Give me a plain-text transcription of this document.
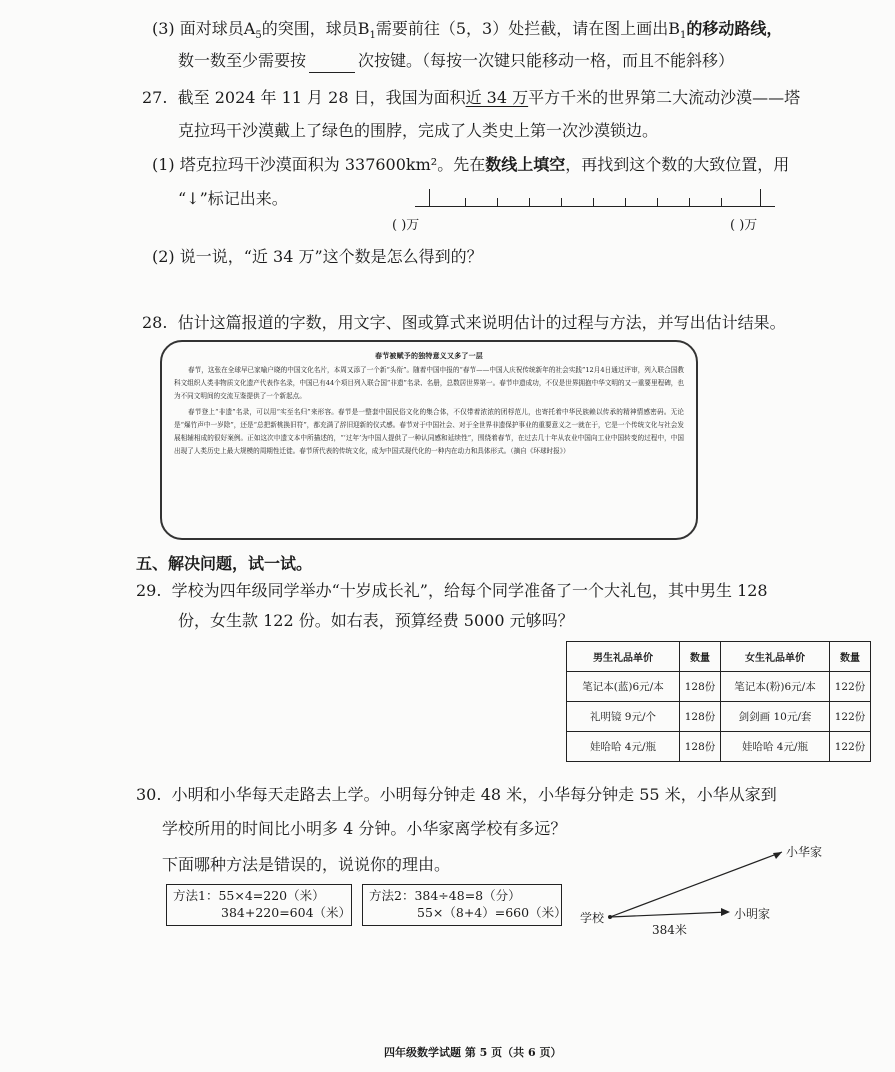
(3) 面对球员$A_5$的突围，球员$B_1$需要前往（5，3）处拦截，请在图上画出$B_1$的移动路线，
数一数至少需要按	次按键。（每按一次键只能移动一格，而且不能斜移）
27. 截至 2024 年 11 月 28 日，我国为面积近 34 万平方千米的世界第二大流动沙漠——塔
克拉玛干沙漠戴上了绿色的围脖，完成了人类史上第一次沙漠锁边。
(1) 塔克拉玛干沙漠面积为 337600km²。先在数线上填空，再找到这个数的大致位置，用
“↓”标记出来。
( )万	( )万
(2) 说一说，“近 34 万”这个数是怎么得到的？
28. 估计这篇报道的字数，用文字、图或算式来说明估计的过程与方法，并写出估计结果。
春节被赋予的独特意义又多了一层

春节，这张在全球早已家喻户晓的中国文化名片，本周又添了一个新“头衔”。随着中国申报的“春节——中国人庆祝传统新年的社会实践”12月4日通过评审，列入联合国教科文组织人类非物质文化遗产代表作名录，中国已有44个项目列入联合国“非遗”名录、名册，总数居世界第一。春节申遗成功，不仅是世界拥抱中华文明的又一重要里程碑，也为不同文明间的交流互鉴提供了一个新起点。

春节登上“非遗”名录，可以用“实至名归”来形容。春节是一整套中国民俗文化的集合体，不仅带着浓浓的团桴范儿，也寄托着中华民族赖以传承的精神情感密码。无论是“爆竹声中一岁除”，还是“总把新桃换旧符”，都充满了辞旧迎新的仪式感。春节对于中国社会、对于全世界非遗保护事业的重要意义之一就在于，它是一个传统文化与社会发展相辅相成的很好案例。正如这次申遗文本中所描述的，“‘过年’为中国人提供了一种认同感和延续性”，围绕着春节，在过去几十年从农业中国向工业中国转变的过程中，中国出现了人类历史上最大规模的周期性迁徙。春节所代表的传统文化，成为中国式现代化的一种内在动力和具体形式。（摘自《环球时报》）

五、解决问题，试一试。
29. 学校为四年级同学举办“十岁成长礼”，给每个同学准备了一个大礼包，其中男生 128
份，女生款 122 份。如右表，预算经费 5000 元够吗？
男生礼品单价	数量	女生礼品单价	数量
笔记本(蓝)6元/本	128份	笔记本(粉)6元/本	122份
礼明镜 9元/个	128份	剑剑画 10元/套	122份
娃哈哈 4元/瓶	128份	娃哈哈 4元/瓶	122份
30. 小明和小华每天走路去上学。小明每分钟走 48 米，小华每分钟走 55 米，小华从家到
学校所用的时间比小明多 4 分钟。小华家离学校有多远？
下面哪种方法是错误的，说说你的理由。
方法1：55×4=220（米）
384+220=604（米）
方法2：384÷48=8（分）
55×（8+4）=660（米） 学校
小华家
小明家
384米
四年级数学试题 第 5 页（共 6 页）
